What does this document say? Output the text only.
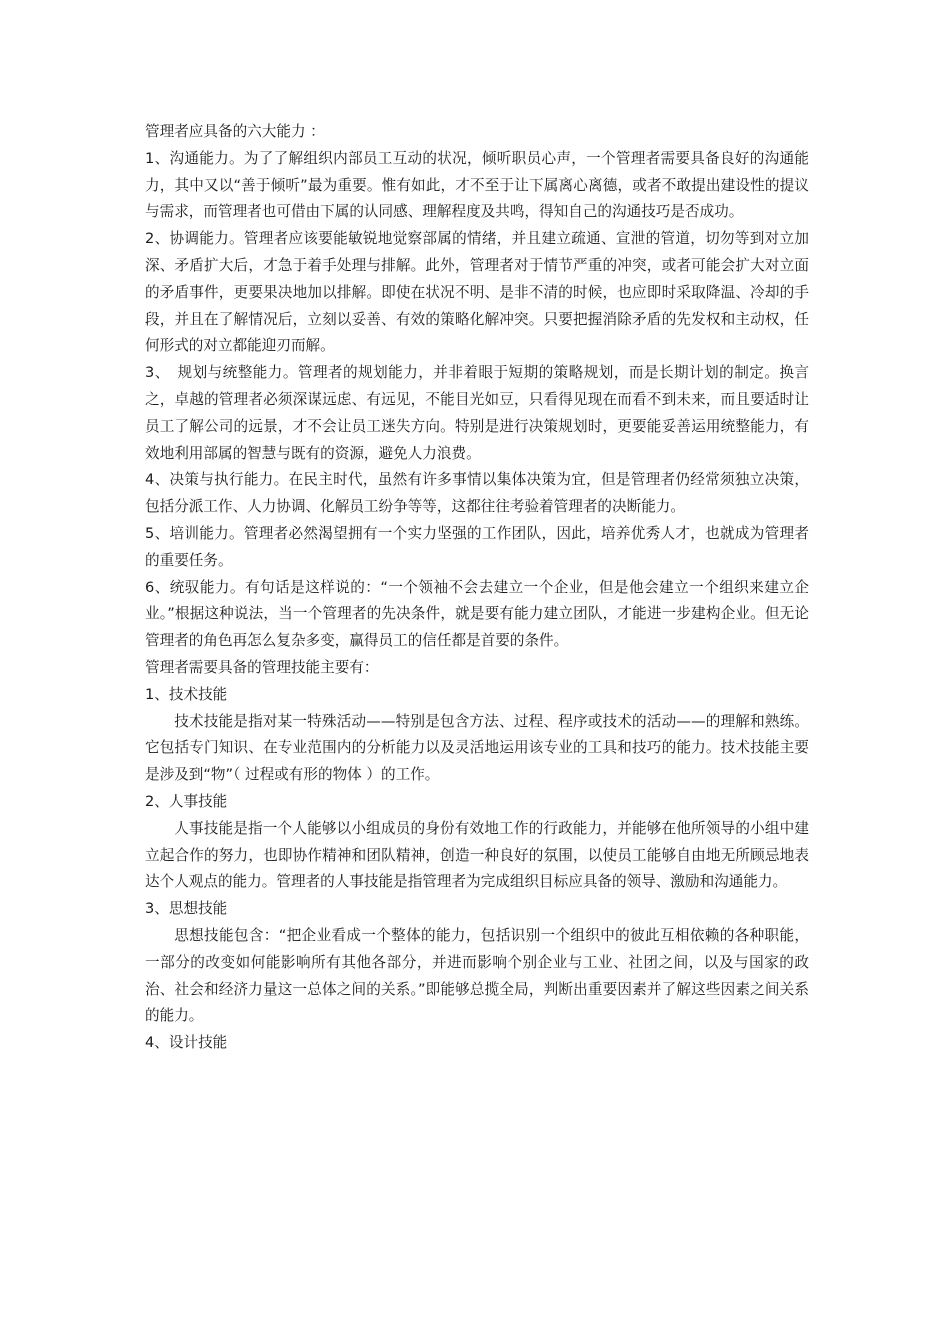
管理者应具备的六大能力 ：

1、沟通能力。为了了解组织内部员工互动的状况，倾听职员心声，一个管理者需要具备良好的沟通能力，其中又以“善于倾听”最为重要。惟有如此，才不至于让下属离心离德，或者不敢提出建设性的提议与需求，而管理者也可借由下属的认同感、理解程度及共鸣，得知自己的沟通技巧是否成功。

2、协调能力。管理者应该要能敏锐地觉察部属的情绪，并且建立疏通、宣泄的管道，切勿等到对立加深、矛盾扩大后，才急于着手处理与排解。此外，管理者对于情节严重的冲突，或者可能会扩大对立面的矛盾事件，更要果决地加以排解。即使在状况不明、是非不清的时候，也应即时采取降温、冷却的手段，并且在了解情况后，立刻以妥善、有效的策略化解冲突。只要把握消除矛盾的先发权和主动权，任何形式的对立都能迎刃而解。

3、　规划与统整能力。管理者的规划能力，并非着眼于短期的策略规划，而是长期计划的制定。换言之，卓越的管理者必须深谋远虑、有远见，不能目光如豆，只看得见现在而看不到未来，而且要适时让员工了解公司的远景，才不会让员工迷失方向。特别是进行决策规划时，更要能妥善运用统整能力，有效地利用部属的智慧与既有的资源，避免人力浪费。

4、决策与执行能力。在民主时代，虽然有许多事情以集体决策为宜，但是管理者仍经常须独立决策，包括分派工作、人力协调、化解员工纷争等等，这都往往考验着管理者的决断能力。

5、培训能力。管理者必然渴望拥有一个实力坚强的工作团队，因此，培养优秀人才，也就成为管理者的重要任务。

6、统驭能力。有句话是这样说的：“一个领袖不会去建立一个企业，但是他会建立一个组织来建立企业。”根据这种说法，当一个管理者的先决条件，就是要有能力建立团队，才能进一步建构企业。但无论管理者的角色再怎么复杂多变，赢得员工的信任都是首要的条件。

管理者需要具备的管理技能主要有：

1、技术技能

技术技能是指对某一特殊活动——特别是包含方法、过程、程序或技术的活动——的理解和熟练。它包括专门知识、在专业范围内的分析能力以及灵活地运用该专业的工具和技巧的能力。技术技能主要是涉及到“物”（ 过程或有形的物体 ）的工作。

2、人事技能

人事技能是指一个人能够以小组成员的身份有效地工作的行政能力，并能够在他所领导的小组中建立起合作的努力，也即协作精神和团队精神，创造一种良好的氛围，以使员工能够自由地无所顾忌地表达个人观点的能力。管理者的人事技能是指管理者为完成组织目标应具备的领导、激励和沟通能力。

3、思想技能

思想技能包含：“把企业看成一个整体的能力，包括识别一个组织中的彼此互相依赖的各种职能，一部分的改变如何能影响所有其他各部分，并进而影响个别企业与工业、社团之间，以及与国家的政治、社会和经济力量这一总体之间的关系。”即能够总揽全局，判断出重要因素并了解这些因素之间关系的能力。

4、设计技能
